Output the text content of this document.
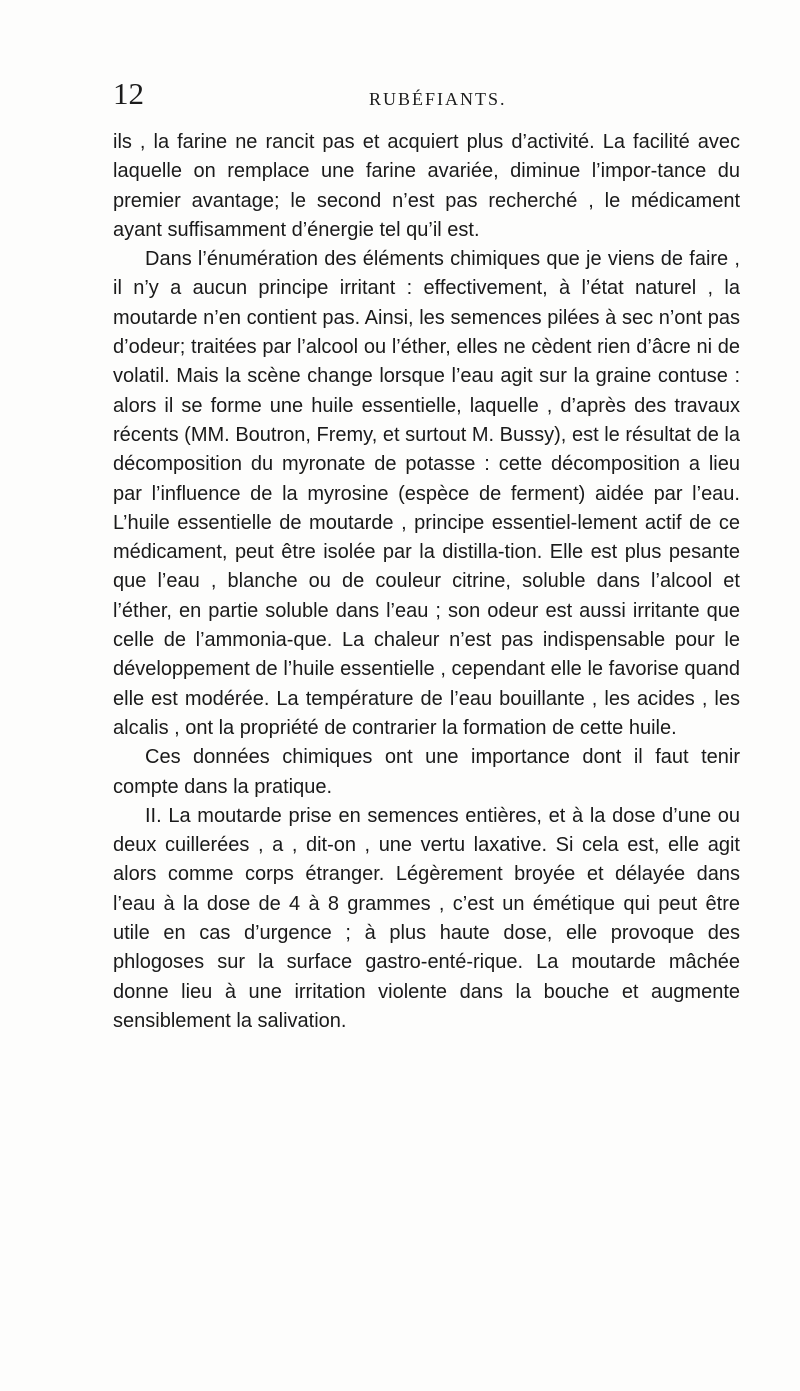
12	RUBÉFIANTS.

ils , la farine ne rancit pas et acquiert plus d’activité. La facilité avec laquelle on remplace une farine avariée, diminue l’impor-tance du premier avantage; le second n’est pas recherché , le médicament ayant suffisamment d’énergie tel qu’il est.

Dans l’énumération des éléments chimiques que je viens de faire , il n’y a aucun principe irritant : effectivement, à l’état naturel , la moutarde n’en contient pas. Ainsi, les semences pilées à sec n’ont pas d’odeur; traitées par l’alcool ou l’éther, elles ne cèdent rien d’âcre ni de volatil. Mais la scène change lorsque l’eau agit sur la graine contuse : alors il se forme une huile essentielle, laquelle , d’après des travaux récents (MM. Boutron, Fremy, et surtout M. Bussy), est le résultat de la décomposition du myronate de potasse : cette décomposition a lieu par l’influence de la myrosine (espèce de ferment) aidée par l’eau. L’huile essentielle de moutarde , principe essentiel-lement actif de ce médicament, peut être isolée par la distilla-tion. Elle est plus pesante que l’eau , blanche ou de couleur citrine, soluble dans l’alcool et l’éther, en partie soluble dans l’eau ; son odeur est aussi irritante que celle de l’ammonia-que. La chaleur n’est pas indispensable pour le développement de l’huile essentielle , cependant elle le favorise quand elle est modérée. La température de l’eau bouillante , les acides , les alcalis , ont la propriété de contrarier la formation de cette huile.

Ces données chimiques ont une importance dont il faut tenir compte dans la pratique.

II. La moutarde prise en semences entières, et à la dose d’une ou deux cuillerées , a , dit-on , une vertu laxative. Si cela est, elle agit alors comme corps étranger. Légèrement broyée et délayée dans l’eau à la dose de 4 à 8 grammes , c’est un émétique qui peut être utile en cas d’urgence ; à plus haute dose, elle provoque des phlogoses sur la surface gastro-enté-rique. La moutarde mâchée donne lieu à une irritation violente dans la bouche et augmente sensiblement la salivation.
